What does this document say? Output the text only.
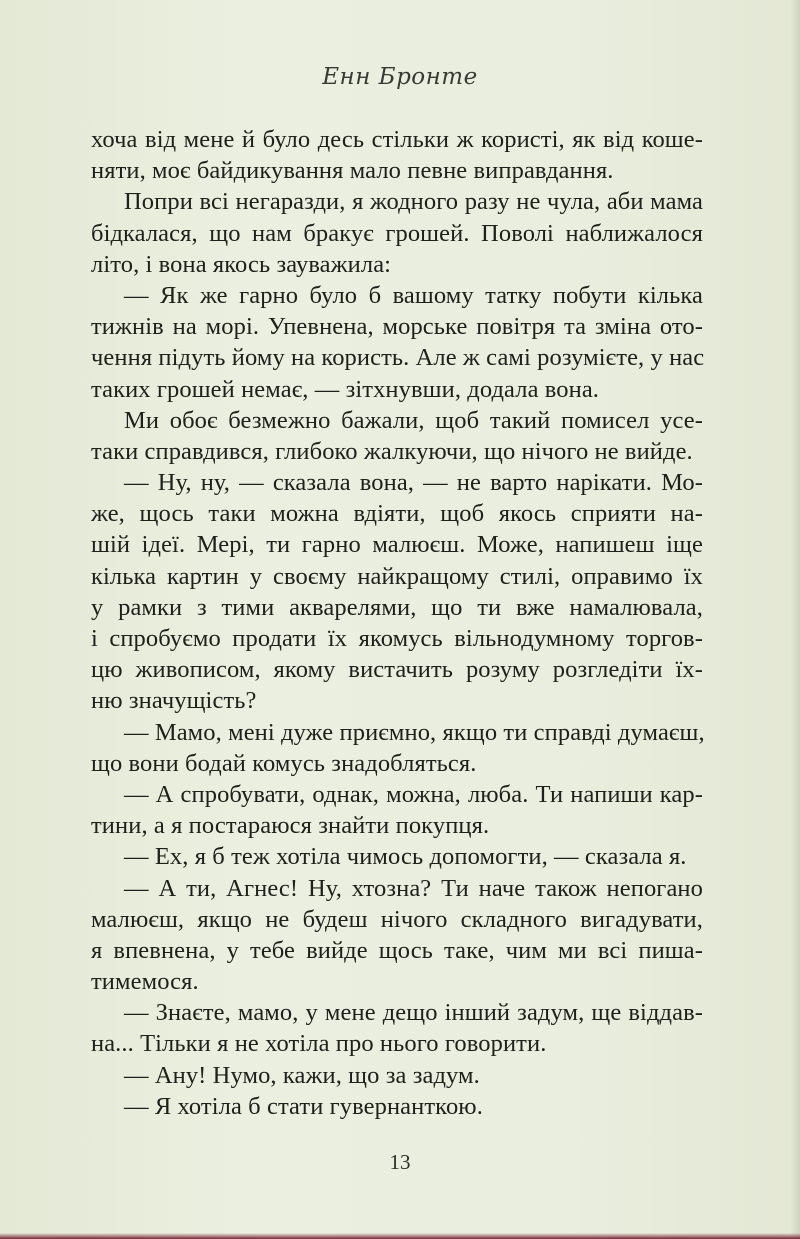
Енн Бронте
хоча від мене й було десь стільки ж користі, як від коше-
няти, моє байдикування мало певне виправдання.
Попри всі негаразди, я жодного разу не чула, аби мама
бідкалася, що нам бракує грошей. Поволі наближалося
літо, і вона якось зауважила:
— Як же гарно було б вашому татку побути кілька
тижнів на морі. Упевнена, морське повітря та зміна ото-
чення підуть йому на користь. Але ж самі розумієте, у нас
таких грошей немає, — зітхнувши, додала вона.
Ми обоє безмежно бажали, щоб такий помисел усе-
таки справдився, глибоко жалкуючи, що нічого не вийде.
— Ну, ну, — сказала вона, — не варто нарікати. Мо-
же, щось таки можна вдіяти, щоб якось сприяти на-
шій ідеї. Мері, ти гарно малюєш. Може, напишеш іще
кілька картин у своєму найкращому стилі, оправимо їх
у рамки з тими акварелями, що ти вже намалювала,
і спробуємо продати їх якомусь вільнодумному торгов-
цю живописом, якому вистачить розуму розгледіти їх-
ню значущість?
— Мамо, мені дуже приємно, якщо ти справді думаєш,
що вони бодай комусь знадобляться.
— А спробувати, однак, можна, люба. Ти напиши кар-
тини, а я постараюся знайти покупця.
— Ех, я б теж хотіла чимось допомогти, — сказала я.
— А ти, Агнес! Ну, хтозна? Ти наче також непогано
малюєш, якщо не будеш нічого складного вигадувати,
я впевнена, у тебе вийде щось таке, чим ми всі пиша-
тимемося.
— Знаєте, мамо, у мене дещо інший задум, ще віддав-
на... Тільки я не хотіла про нього говорити.
— Ану! Нумо, кажи, що за задум.
— Я хотіла б стати гувернанткою.
13
